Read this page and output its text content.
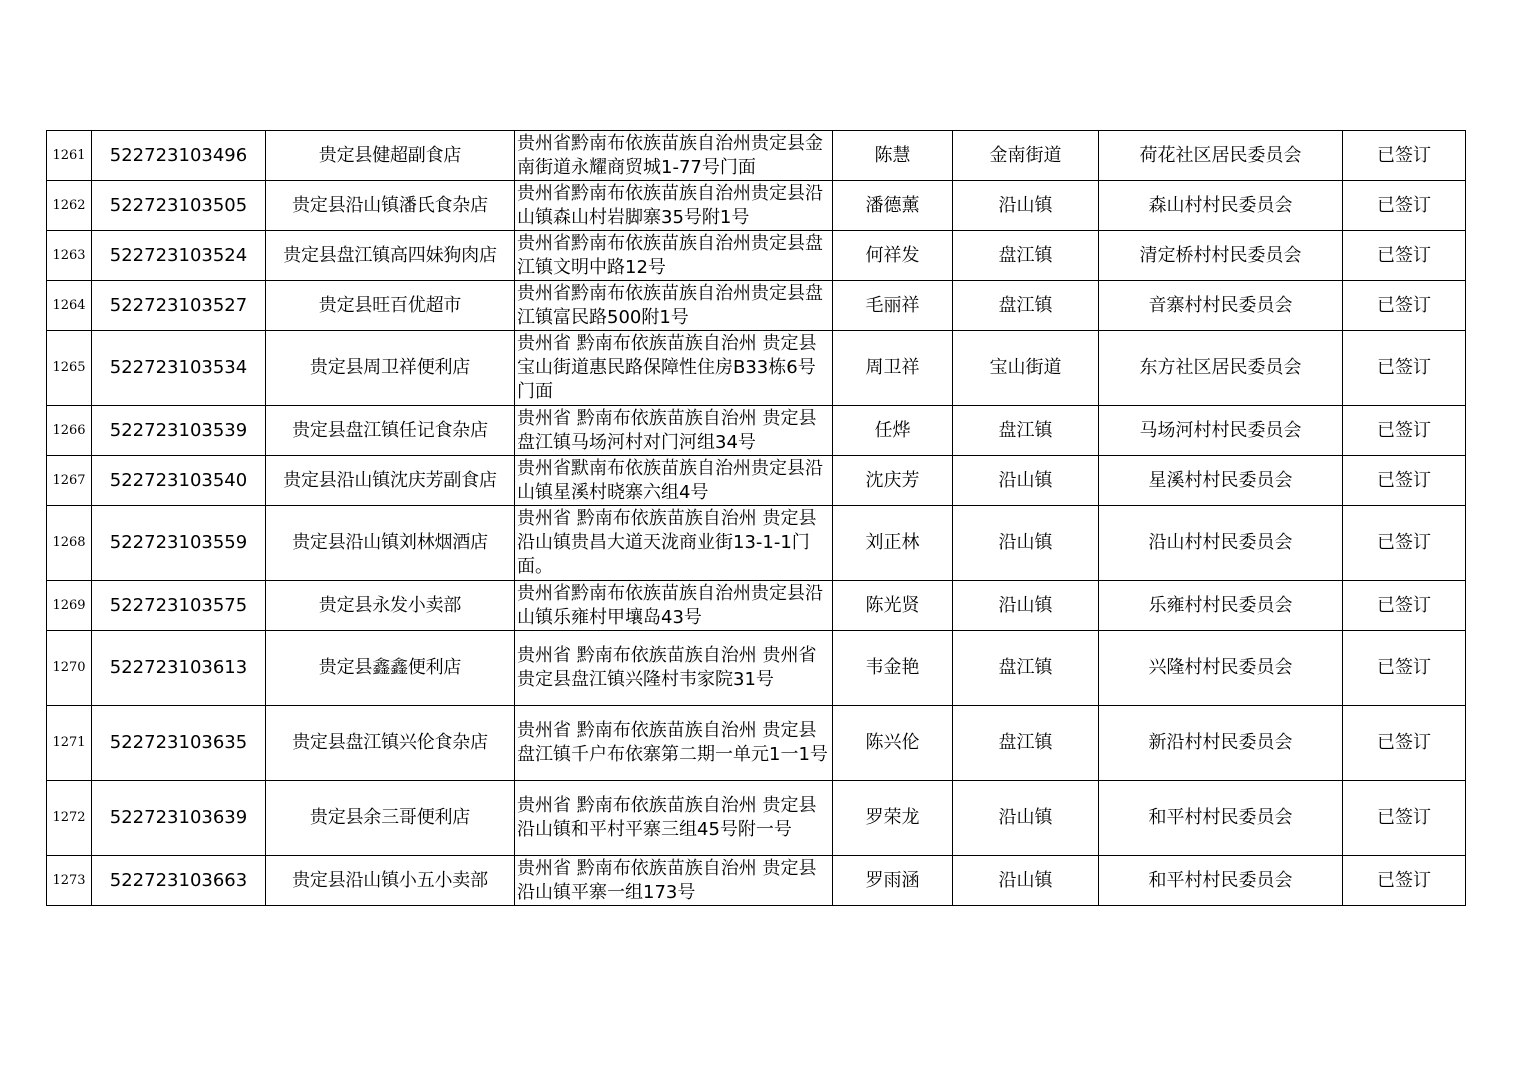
1261	522723103496	贵定县健超副食店	贵州省黔南布依族苗族自治州贵定县金南街道永耀商贸城1-77号门面	陈慧	金南街道	荷花社区居民委员会	已签订
1262	522723103505	贵定县沿山镇潘氏食杂店	贵州省黔南布依族苗族自治州贵定县沿山镇森山村岩脚寨35号附1号	潘德薰	沿山镇	森山村村民委员会	已签订
1263	522723103524	贵定县盘江镇高四妹狗肉店	贵州省黔南布依族苗族自治州贵定县盘江镇文明中路12号	何祥发	盘江镇	清定桥村村民委员会	已签订
1264	522723103527	贵定县旺百优超市	贵州省黔南布依族苗族自治州贵定县盘江镇富民路500附1号	毛丽祥	盘江镇	音寨村村民委员会	已签订
1265	522723103534	贵定县周卫祥便利店	贵州省 黔南布依族苗族自治州 贵定县宝山街道惠民路保障性住房B33栋6号门面	周卫祥	宝山街道	东方社区居民委员会	已签订
1266	522723103539	贵定县盘江镇任记食杂店	贵州省 黔南布依族苗族自治州 贵定县盘江镇马场河村对门河组34号	任烨	盘江镇	马场河村村民委员会	已签订
1267	522723103540	贵定县沿山镇沈庆芳副食店	贵州省默南布依族苗族自治州贵定县沿山镇星溪村晓寨六组4号	沈庆芳	沿山镇	星溪村村民委员会	已签订
1268	522723103559	贵定县沿山镇刘林烟酒店	贵州省 黔南布依族苗族自治州 贵定县沿山镇贵昌大道天泷商业街13-1-1门面。	刘正林	沿山镇	沿山村村民委员会	已签订
1269	522723103575	贵定县永发小卖部	贵州省黔南布依族苗族自治州贵定县沿山镇乐雍村甲壤岛43号	陈光贤	沿山镇	乐雍村村民委员会	已签订
1270	522723103613	贵定县鑫鑫便利店	贵州省 黔南布依族苗族自治州 贵州省贵定县盘江镇兴隆村韦家院31号	韦金艳	盘江镇	兴隆村村民委员会	已签订
1271	522723103635	贵定县盘江镇兴伦食杂店	贵州省 黔南布依族苗族自治州 贵定县盘江镇千户布依寨第二期一单元1一1号	陈兴伦	盘江镇	新沿村村民委员会	已签订
1272	522723103639	贵定县余三哥便利店	贵州省 黔南布依族苗族自治州 贵定县沿山镇和平村平寨三组45号附一号	罗荣龙	沿山镇	和平村村民委员会	已签订
1273	522723103663	贵定县沿山镇小五小卖部	贵州省 黔南布依族苗族自治州 贵定县沿山镇平寨一组173号	罗雨涵	沿山镇	和平村村民委员会	已签订
